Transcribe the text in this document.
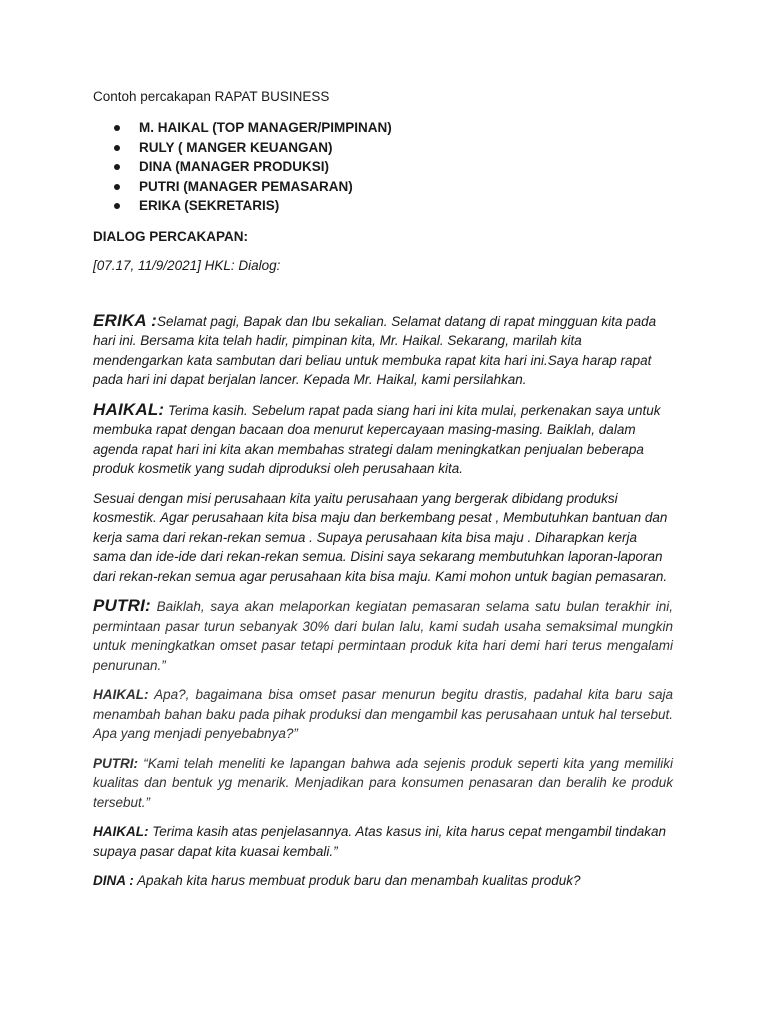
Contoh percakapan RAPAT BUSINESS

M. HAIKAL (TOP MANAGER/PIMPINAN)
RULY ( MANGER KEUANGAN)
DINA (MANAGER PRODUKSI)
PUTRI (MANAGER PEMASARAN)
ERIKA (SEKRETARIS)

DIALOG PERCAKAPAN:

[07.17, 11/9/2021] HKL: Dialog:

ERIKA :Selamat pagi, Bapak dan Ibu sekalian. Selamat datang di rapat mingguan kita pada hari ini. Bersama kita telah hadir, pimpinan kita, Mr. Haikal. Sekarang, marilah kita mendengarkan kata sambutan dari beliau untuk membuka rapat kita hari ini.Saya harap rapat pada hari ini dapat berjalan lancer. Kepada Mr. Haikal, kami persilahkan.

HAIKAL: Terima kasih. Sebelum rapat pada siang hari ini kita mulai, perkenakan saya untuk membuka rapat dengan bacaan doa menurut kepercayaan masing-masing. Baiklah, dalam agenda rapat hari ini kita akan membahas strategi dalam meningkatkan penjualan beberapa produk kosmetik yang sudah diproduksi oleh perusahaan kita.

Sesuai dengan misi perusahaan kita yaitu perusahaan yang bergerak dibidang produksi kosmestik. Agar perusahaan kita bisa maju dan berkembang pesat , Membutuhkan bantuan dan kerja sama dari rekan-rekan semua . Supaya perusahaan kita bisa maju . Diharapkan kerja sama dan ide-ide dari rekan-rekan semua. Disini saya sekarang membutuhkan laporan-laporan dari rekan-rekan semua agar perusahaan kita bisa maju. Kami mohon untuk bagian pemasaran.

PUTRI: Baiklah, saya akan melaporkan kegiatan pemasaran selama satu bulan terakhir ini, permintaan pasar turun sebanyak 30% dari bulan lalu, kami sudah usaha semaksimal mungkin untuk meningkatkan omset pasar tetapi permintaan produk kita hari demi hari terus mengalami penurunan.”

HAIKAL: Apa?, bagaimana bisa omset pasar menurun begitu drastis, padahal kita baru saja menambah bahan baku pada pihak produksi dan mengambil kas perusahaan untuk hal tersebut. Apa yang menjadi penyebabnya?”

PUTRI: “Kami telah meneliti ke lapangan bahwa ada sejenis produk seperti kita yang memiliki kualitas dan bentuk yg menarik. Menjadikan para konsumen penasaran dan beralih ke produk tersebut.”

HAIKAL: Terima kasih atas penjelasannya. Atas kasus ini, kita harus cepat mengambil tindakan supaya pasar dapat kita kuasai kembali.”

DINA : Apakah kita harus membuat produk baru dan menambah kualitas produk?
